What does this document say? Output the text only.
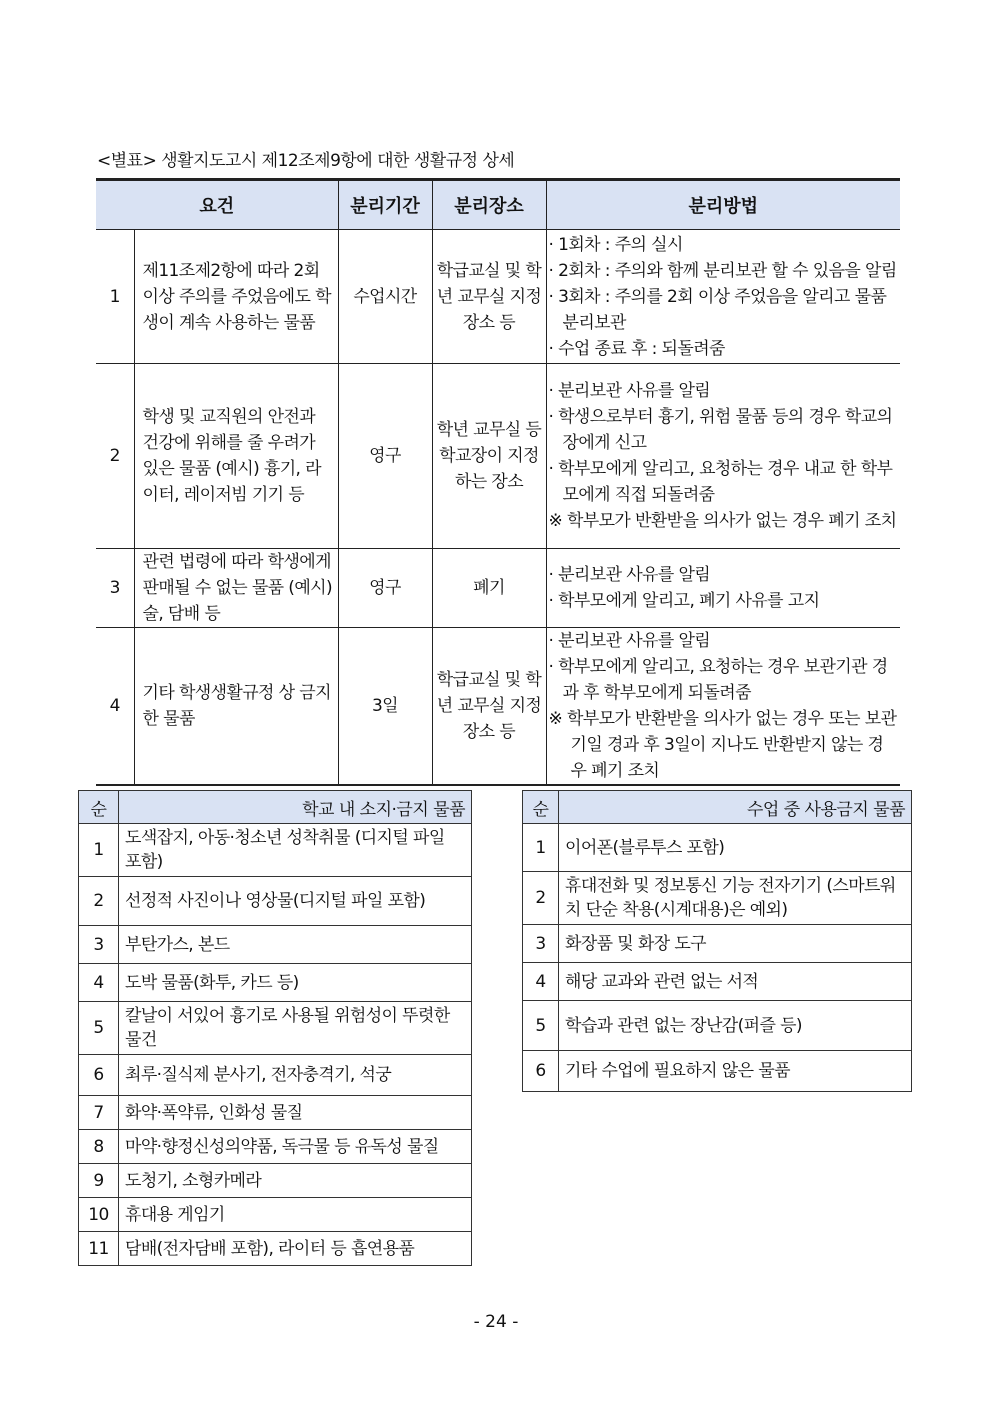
<별표> 생활지도고시 제12조제9항에 대한 생활규정 상세
요건		분리기간	분리장소	분리방법
1	제11조제2항에 따라 2회 이상 주의를 주었음에도 학생이 계속 사용하는 물품	수업시간	학급교실 및 학년 교무실 지정 장소 등	· 1회차 : 주의 실시
· 2회차 : 주의와 함께 분리보관 할 수 있음을 알림
· 3회차 : 주의를 2회 이상 주었음을 알리고 물품 분리보관
· 수업 종료 후 : 되돌려줌

2	학생 및 교직원의 안전과 건강에 위해를 줄 우려가 있은 물품 (예시) 흉기, 라이터, 레이저빔 기기 등	영구	학년 교무실 등 학교장이 지정하는 장소	· 분리보관 사유를 알림
· 학생으로부터 흉기, 위험 물품 등의 경우 학교의 장에게 신고
· 학부모에게 알리고, 요청하는 경우 내교 한 학부모에게 직접 되돌려줌
※ 학부모가 반환받을 의사가 없는 경우 폐기 조치

3	관련 법령에 따라 학생에게 판매될 수 없는 물품 (예시) 술, 담배 등	영구	폐기	· 분리보관 사유를 알림
· 학부모에게 알리고, 폐기 사유를 고지

4	기타 학생생활규정 상 금지한 물품	3일	학급교실 및 학년 교무실 지정 장소 등	· 분리보관 사유를 알림
· 학부모에게 알리고, 요청하는 경우 보관기관 경과 후 학부모에게 되돌려줌
※ 학부모가 반환받을 의사가 없는 경우 또는 보관 기일 경과 후 3일이 지나도 반환받지 않는 경우 폐기 조치
순	학교 내 소지·금지 물품
1	도색잡지, 아동·청소년 성착취물 (디지털 파일 포함)
2	선정적 사진이나 영상물(디지털 파일 포함)
3	부탄가스, 본드
4	도박 물품(화투, 카드 등)
5	칼날이 서있어 흉기로 사용될 위험성이 뚜렷한 물건
6	최루·질식제 분사기, 전자충격기, 석궁
7	화약·폭약류, 인화성 물질
8	마약·향정신성의약품, 독극물 등 유독성 물질
9	도청기, 소형카메라
10	휴대용 게임기
11	담배(전자담배 포함), 라이터 등 흡연용품
순	수업 중 사용금지 물품
1	이어폰(블루투스 포함)
2	휴대전화 및 정보통신 기능 전자기기 (스마트워치 단순 착용(시계대용)은 예외)
3	화장품 및 화장 도구
4	해당 교과와 관련 없는 서적
5	학습과 관련 없는 장난감(퍼즐 등)
6	기타 수업에 필요하지 않은 물품
- 24 -
